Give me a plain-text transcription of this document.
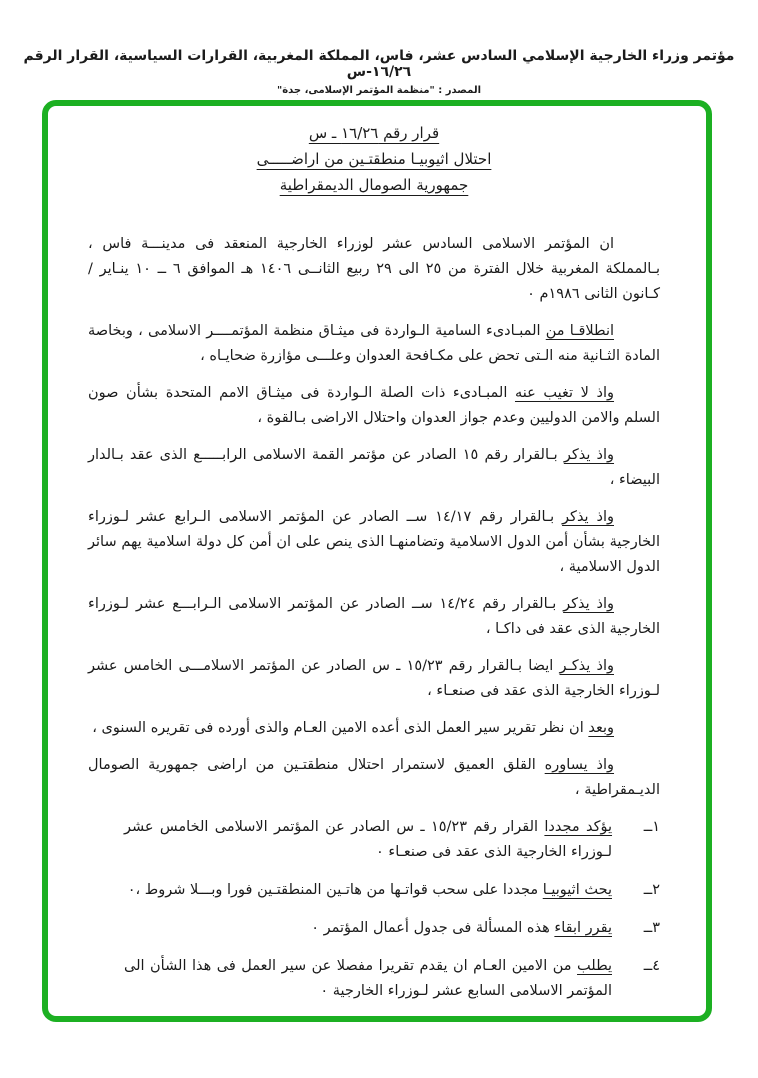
مؤتمر وزراء الخارجية الإسلامي السادس عشر، فاس، المملكة المغربية، القرارات السياسية، القرار الرقم ١٦/٢٦-س
المصدر : "منظمة المؤتمر الإسلامى، جدة"
قرار رقم ١٦/٢٦ ـ س
احتلال اثيوبيـا منطقتـين من اراضـــــى
جمهورية الصومال الديمقراطية

ان المؤتمر الاسلامى السادس عشر لوزراء الخارجية المنعقد فى مدينـــة فاس ، بـالمملكة المغربية خلال الفترة من ٢٥ الى ٢٩ ربيع الثانــى ١٤٠٦ هـ الموافق ٦ ــ ١٠ ينـاير / كـانون الثانى ١٩٨٦م ٠

انطلاقـا من المبـادىء السامية الـواردة فى ميثـاق منظمة المؤتمــــر الاسلامى ، وبخاصة المادة الثـانية منه الـتى تحض على مكـافحة العدوان وعلـــى مؤازرة ضحايـاه ،

واذ لا تغيب عنه المبـادىء ذات الصلة الـواردة فى ميثـاق الامم المتحدة بشأن صون السلم والامن الدوليين وعدم جواز العدوان واحتلال الاراضى بـالقوة ،

واذ يذكر بـالقرار رقم ١٥ الصادر عن مؤتمر القمة الاسلامى الرابـــــع الذى عقد بـالدار البيضاء ،

واذ يذكر بـالقرار رقم ١٤/١٧ ســ الصادر عن المؤتمر الاسلامى الـرابع عشر لـوزراء الخارجية بشأن أمن الدول الاسلامية وتضامنهـا الذى ينص على ان أمن كل دولة اسلامية يهم سائر الدول الاسلامية ،

واذ يذكر بـالقرار رقم ١٤/٢٤ ســ الصادر عن المؤتمر الاسلامى الـرابـــع عشر لـوزراء الخارجية الذى عقد فى داكـا ،

واذ يذكـر ايضا بـالقرار رقم ١٥/٢٣ ـ س الصادر عن المؤتمر الاسلامـــى الخامس عشر لـوزراء الخارجية الذى عقد فى صنعـاء ،

وبعد ان نظر تقرير سير العمل الذى أعده الامين العـام والذى أورده فى تقريره السنوى ،

واذ يساوره القلق العميق لاستمرار احتلال منطقتـين من اراضى جمهورية الصومال الديـمقراطية ،

١ــ
يؤكد مجددا القرار رقم ١٥/٢٣ ـ س الصادر عن المؤتمر الاسلامى الخامس عشر لـوزراء الخارجية الذى عقد فى صنعـاء ٠
٢ــ
يحث اثيوبيـا مجددا على سحب قواتـها من هاتـين المنطقتـين فورا وبـــلا شروط ،٠
٣ــ
يقرر ابقاء هذه المسألة فى جدول أعمال المؤتمر ٠
٤ــ
يطلب من الامين العـام ان يقدم تقريرا مفصلا عن سير العمل فى هذا الشأن الى المؤتمر الاسلامى السابع عشر لـوزراء الخارجية ٠
